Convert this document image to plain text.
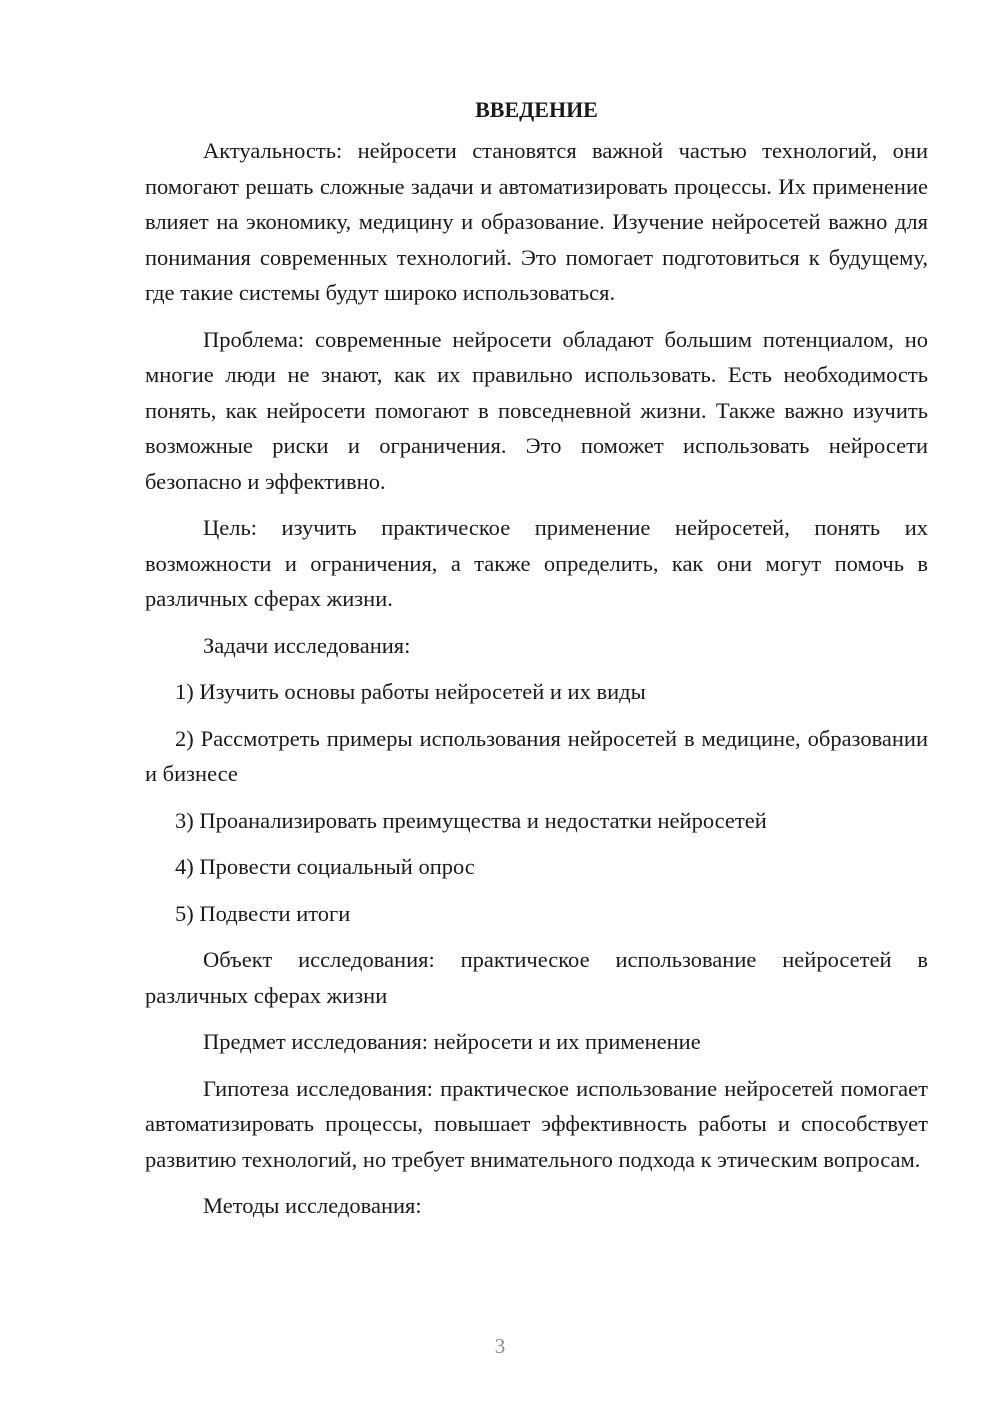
ВВЕДЕНИЕ

Актуальность: нейросети становятся важной частью технологий, они помогают решать сложные задачи и автоматизировать процессы. Их применение влияет на экономику, медицину и образование. Изучение нейросетей важно для понимания современных технологий. Это помогает подготовиться к будущему, где такие системы будут широко использоваться.

Проблема: современные нейросети обладают большим потенциалом, но многие люди не знают, как их правильно использовать. Есть необходимость понять, как нейросети помогают в повседневной жизни. Также важно изучить возможные риски и ограничения. Это поможет использовать нейросети безопасно и эффективно.

Цель: изучить практическое применение нейросетей, понять их возможности и ограничения, а также определить, как они могут помочь в различных сферах жизни.

Задачи исследования:

1) Изучить основы работы нейросетей и их виды

2) Рассмотреть примеры использования нейросетей в медицине, образовании и бизнесе

3) Проанализировать преимущества и недостатки нейросетей

4) Провести социальный опрос

5) Подвести итоги

Объект исследования: практическое использование нейросетей в различных сферах жизни

Предмет исследования: нейросети и их применение

Гипотеза исследования: практическое использование нейросетей помогает автоматизировать процессы, повышает эффективность работы и способствует развитию технологий, но требует внимательного подхода к этическим вопросам.

Методы исследования:

3
